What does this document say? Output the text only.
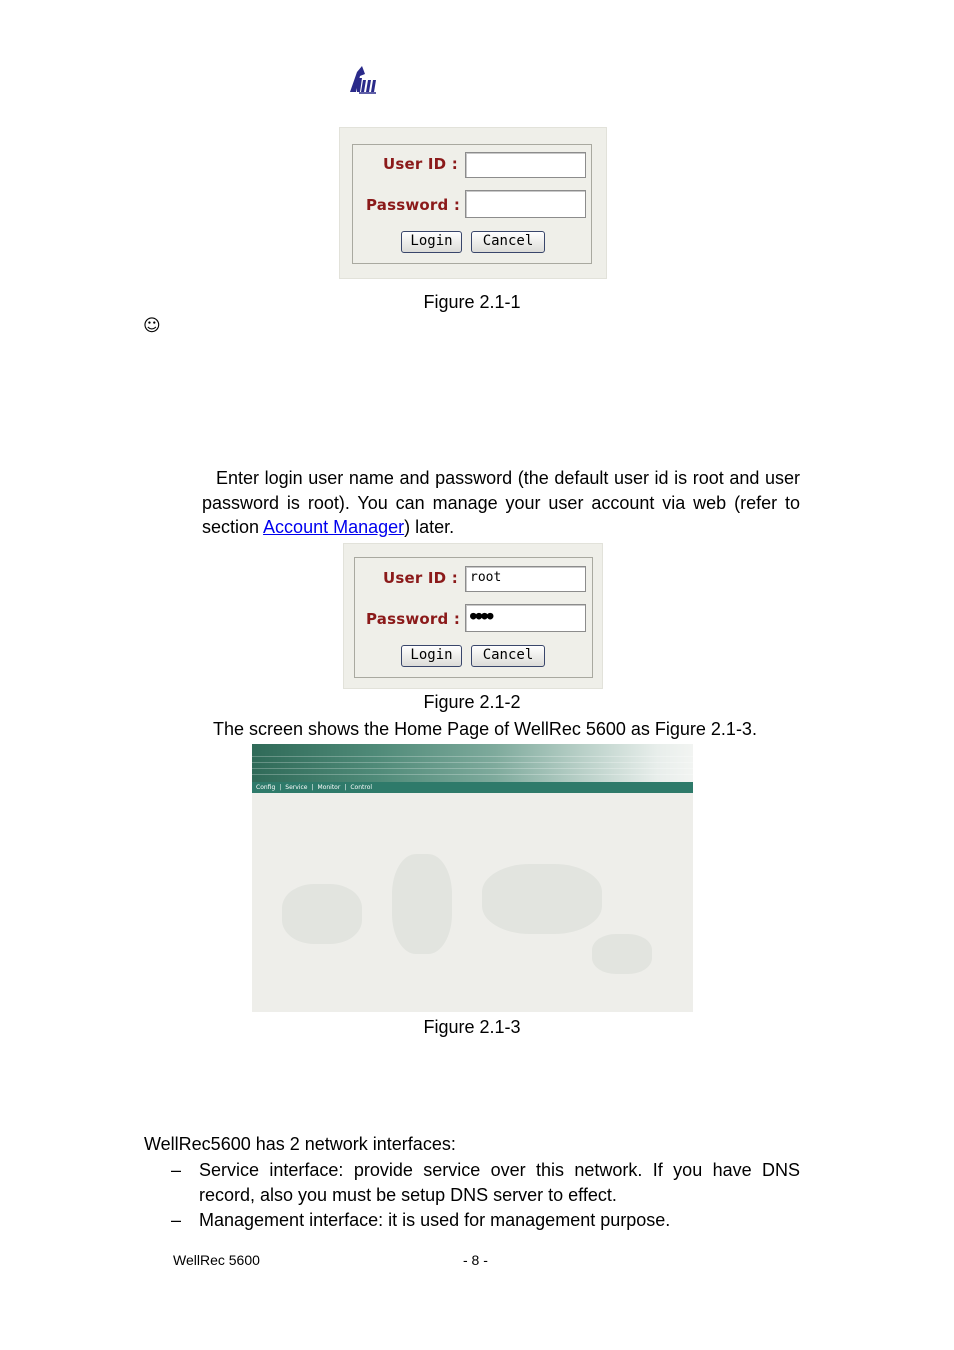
User ID :
Password :
Login	Cancel
Figure 2.1-1
☺
Enter login user name and password (the default user id is root and user password is root). You can manage your user account via web (refer to section Account Manager) later.
User ID : root
Password : ●●●●
Login	Cancel
Figure 2.1-2
The screen shows the Home Page of WellRec 5600 as Figure 2.1-3.
Config | Service | Monitor | Control
Figure 2.1-3
WellRec5600 has 2 network interfaces:
– Service interface: provide service over this network. If you have DNS record, also you must be setup DNS server to effect.
– Management interface: it is used for management purpose.
WellRec 5600	- 8 -
